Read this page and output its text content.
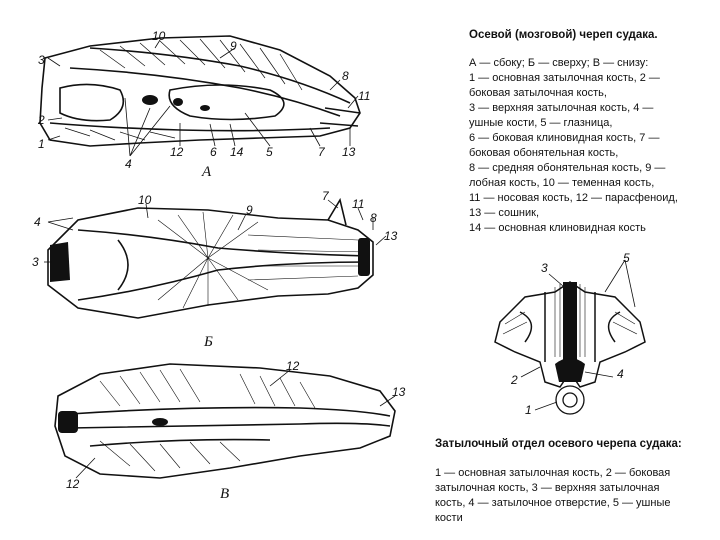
1
2
3
4
5
6	7
8
10
11
12	13
14
9
А
3
4
7
8
9
10	11
13
Б
12
13
12
В
1
2
3
4
5
Осевой (мозговой) череп судака.
А — сбоку; Б — сверху; В — снизу:
1 — основная затылочная кость, 2 —
боковая затылочная кость,
3 — верхняя затылочная кость, 4 —
ушные кости, 5 — глазница,
6 — боковая клиновидная кость, 7 —
боковая обонятельная кость,
8 — средняя обонятельная кость, 9 —
лобная кость, 10 — теменная кость,
11 — носовая кость, 12 — парасфеноид,
13 — сошник,
14 — основная клиновидная кость
Затылочный отдел осевого черепа судака:
1 — основная затылочная кость, 2 — боковая
затылочная кость, 3 — верхняя затылочная
кость, 4 — затылочное отверстие, 5 — ушные
кости
